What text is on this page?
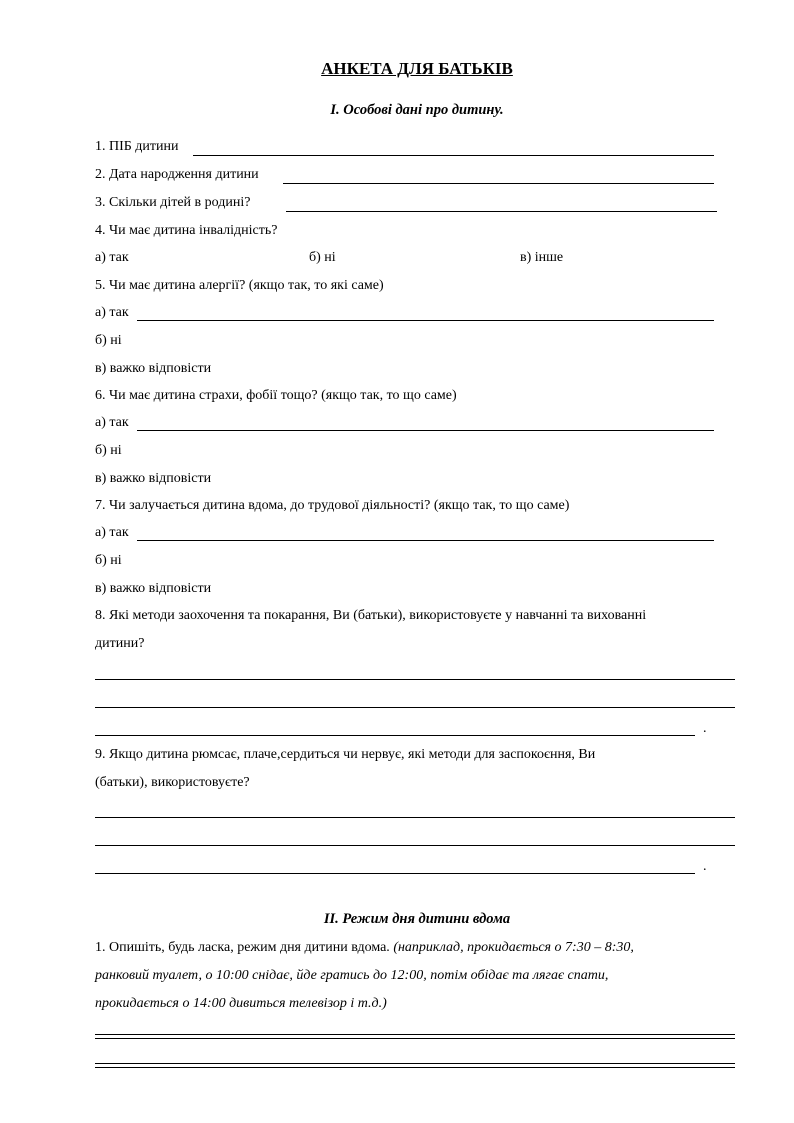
АНКЕТА ДЛЯ БАТЬКІВ
I. Особові дані про дитину.
1. ПІБ дитини
2. Дата народження дитини
3. Скільки дітей в родині?
4. Чи має дитина інвалідність?
а) так	б) ні	в) інше
5. Чи має дитина алергії? (якщо так, то які саме)
а) так
б) ні
в) важко відповісти
6. Чи має дитина страхи, фобії тощо? (якщо так, то що саме)
а) так
б) ні
в) важко відповісти
7. Чи залучається дитина вдома, до трудової діяльності? (якщо так, то що саме)
а) так
б) ні
в) важко відповісти
8. Які методи заохочення та покарання, Ви (батьки), використовуєте у навчанні та вихованні
дитини?
.
9. Якщо дитина рюмсає, плаче,сердиться чи нервує, які методи для заспокоєння, Ви
(батьки), використовуєте?
.
II. Режим дня дитини вдома
1. Опишіть, будь ласка, режим дня дитини вдома. (наприклад, прокидається о 7:30 – 8:30,
ранковий туалет, о 10:00 снідає, йде гратись до 12:00, потім обідає та лягає спати,
прокидається о 14:00 дивиться телевізор і т.д.)
